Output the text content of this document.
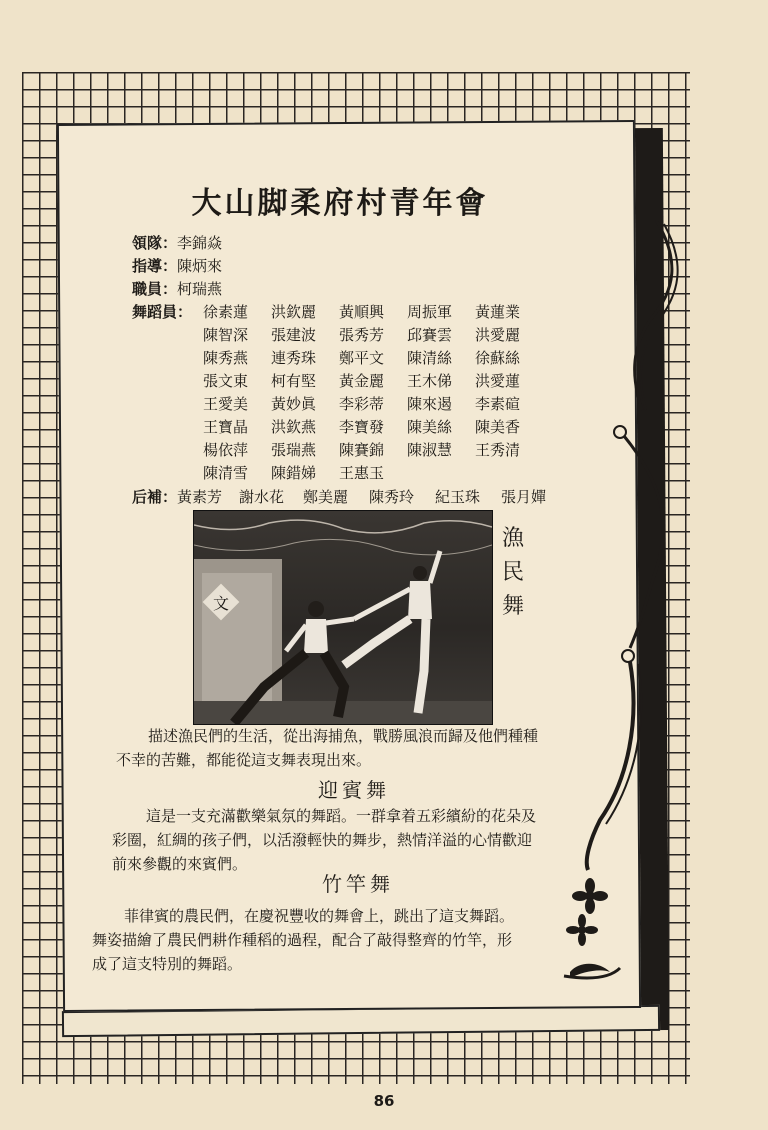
大山脚柔府村青年會
領隊：李錦焱
指導：陳炳來
職員：柯瑞燕
舞蹈員： 徐素蓮 洪欽麗 黃順興 周振軍 黃蓮業
陳智深 張建波 張秀芳 邱賽雲 洪愛麗
陳秀燕 連秀珠 鄭平文 陳清絲 徐蘇絲
張文東 柯有堅 黃金麗 王木俤 洪愛蓮
王愛美 黃妙眞 李彩蒂 陳來遏 李素碹
王寶晶 洪欽燕 李寶發 陳美絲 陳美香
楊依萍 張瑞燕 陳賽錦 陳淑慧 王秀清
陳清雪 陳錯娣 王惠玉
后補：黃素芳 謝水花 鄭美麗 陳秀玲 紀玉珠 張月嬋
文
漁民舞
描述漁民們的生活，從出海捕魚，戰勝風浪而歸及他們種種
不幸的苦難，都能從這支舞表現出來。
迎賓舞
這是一支充滿歡樂氣氛的舞蹈。一群拿着五彩繽紛的花朵及
彩圈，紅綢的孩子們，以活潑輕快的舞步，熱情洋溢的心情歡迎
前來參觀的來賓們。
竹竿舞
菲律賓的農民們，在慶祝豐收的舞會上，跳出了這支舞蹈。
舞姿描繪了農民們耕作種稻的過程，配合了敲得整齊的竹竿，形
成了這支特別的舞蹈。
86
